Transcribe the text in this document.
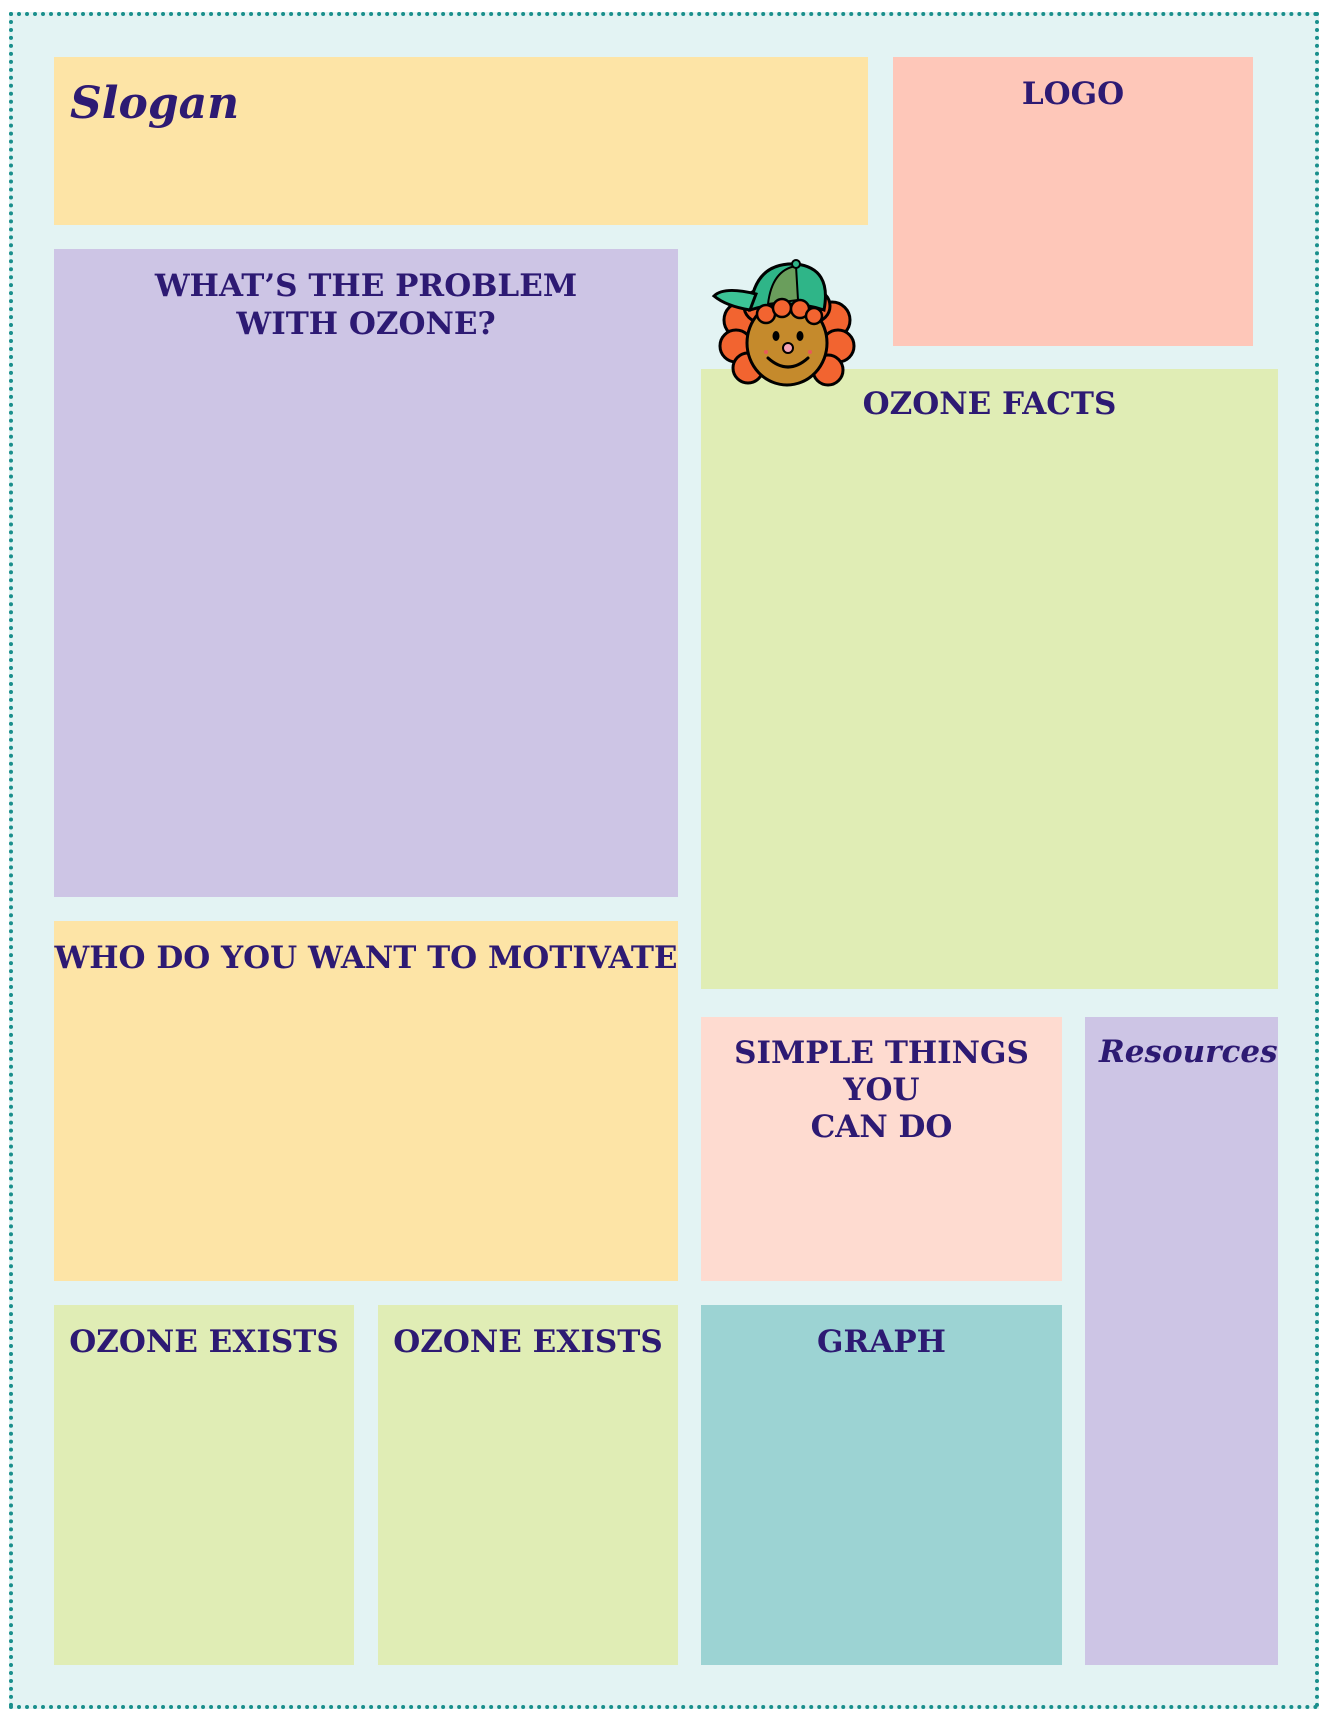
Slogan	LOGO
WHAT’S THE PROBLEM
WITH OZONE?
OZONE FACTS
WHO DO YOU WANT TO MOTIVATE
SIMPLE THINGS
YOU
CAN DO
Resources
OZONE EXISTS	OZONE EXISTS	GRAPH
